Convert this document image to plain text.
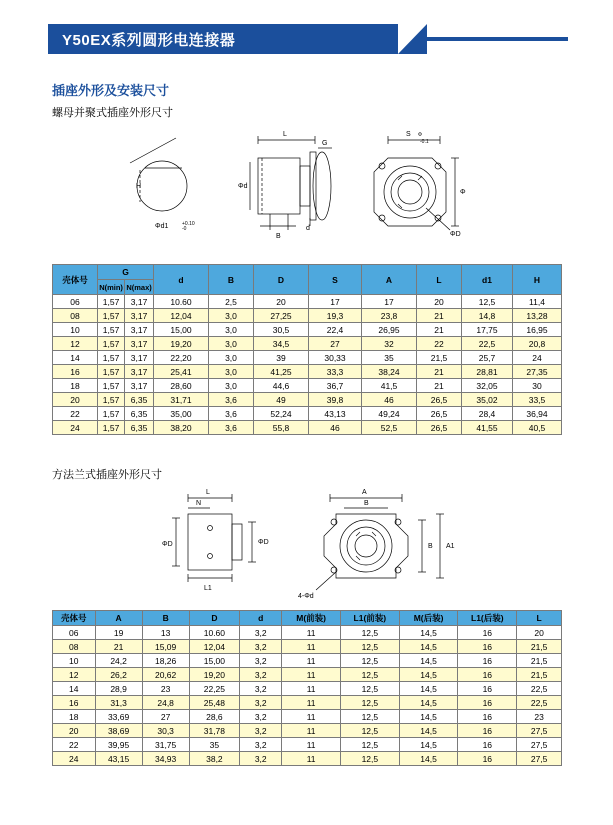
Y50EX系列圆形电连接器
插座外形及安装尺寸
螺母并聚式插座外形尺寸
H
Φd1	+0.10
-0
L
G
B
Φd
d
S Φ
-0.1
Φ
ΦD
壳体号	G		d	B	D	S	A	L	d1	H
	N(min)	N(max)								
06	1,57	3,17	10.60	2,5	20	17	17	20	12,5	11,4
08	1,57	3,17	12,04	3,0	27,25	19,3	23,8	21	14,8	13,28
10	1,57	3,17	15,00	3,0	30,5	22,4	26,95	21	17,75	16,95
12	1,57	3,17	19,20	3,0	34,5	27	32	22	22,5	20,8
14	1,57	3,17	22,20	3,0	39	30,33	35	21,5	25,7	24
16	1,57	3,17	25,41	3,0	41,25	33,3	38,24	21	28,81	27,35
18	1,57	3,17	28,60	3,0	44,6	36,7	41,5	21	32,05	30
20	1,57	6,35	31,71	3,6	49	39,8	46	26,5	35,02	33,5
22	1,57	6,35	35,00	3,6	52,24	43,13	49,24	26,5	28,4	36,94
24	1,57	6,35	38,20	3,6	55,8	46	52,5	26,5	41,55	40,5
方法兰式插座外形尺寸
L
N
ΦD
L1
ΦD
A
B
4-Φd
B A1
壳体号	A	B	D	d	M(前装)	L1(前装)	M(后装)	L1(后装)	L
06	19	13	10.60	3,2	11	12,5	14,5	16	20
08	21	15,09	12,04	3,2	11	12,5	14,5	16	21,5
10	24,2	18,26	15,00	3,2	11	12,5	14,5	16	21,5
12	26,2	20,62	19,20	3,2	11	12,5	14,5	16	21,5
14	28,9	23	22,25	3,2	11	12,5	14,5	16	22,5
16	31,3	24,8	25,48	3,2	11	12,5	14,5	16	22,5
18	33,69	27	28,6	3,2	11	12,5	14,5	16	23
20	38,69	30,3	31,78	3,2	11	12,5	14,5	16	27,5
22	39,95	31,75	35	3,2	11	12,5	14,5	16	27,5
24	43,15	34,93	38,2	3,2	11	12,5	14,5	16	27,5
